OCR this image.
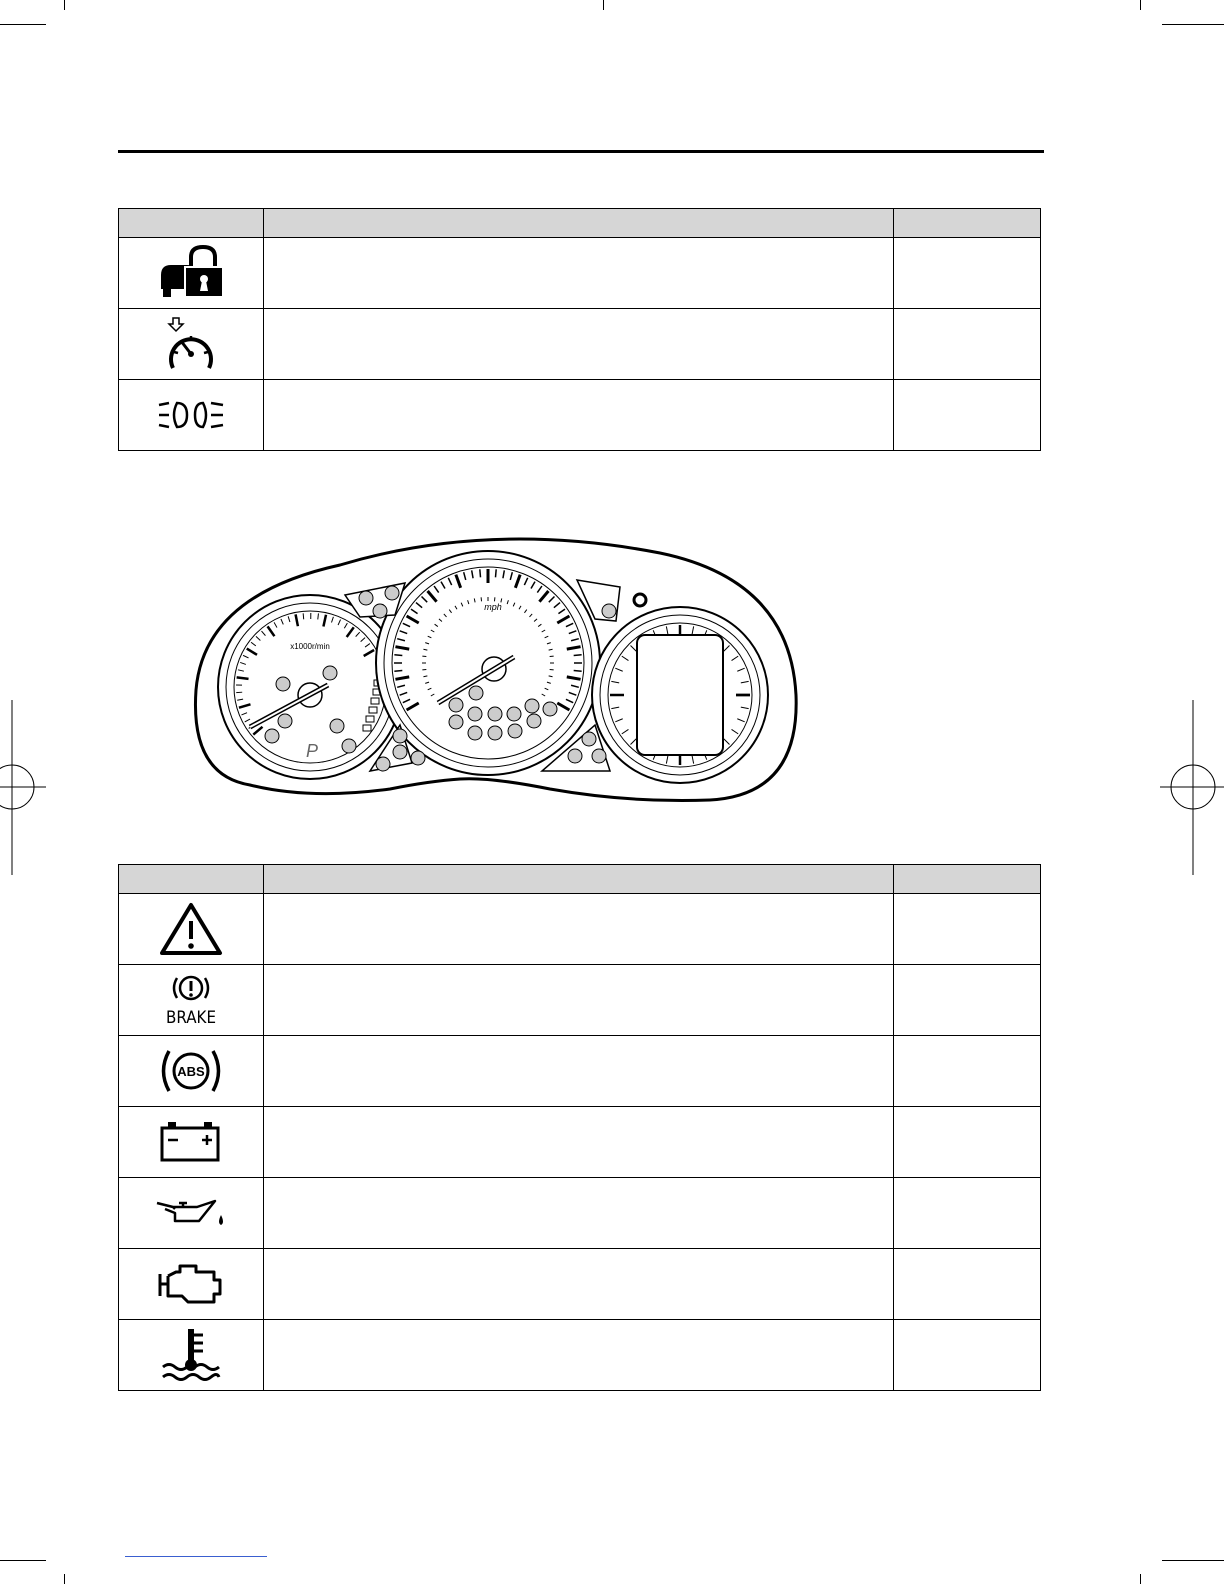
x1000r/min
P
mph

BRAKE		

ABS		
